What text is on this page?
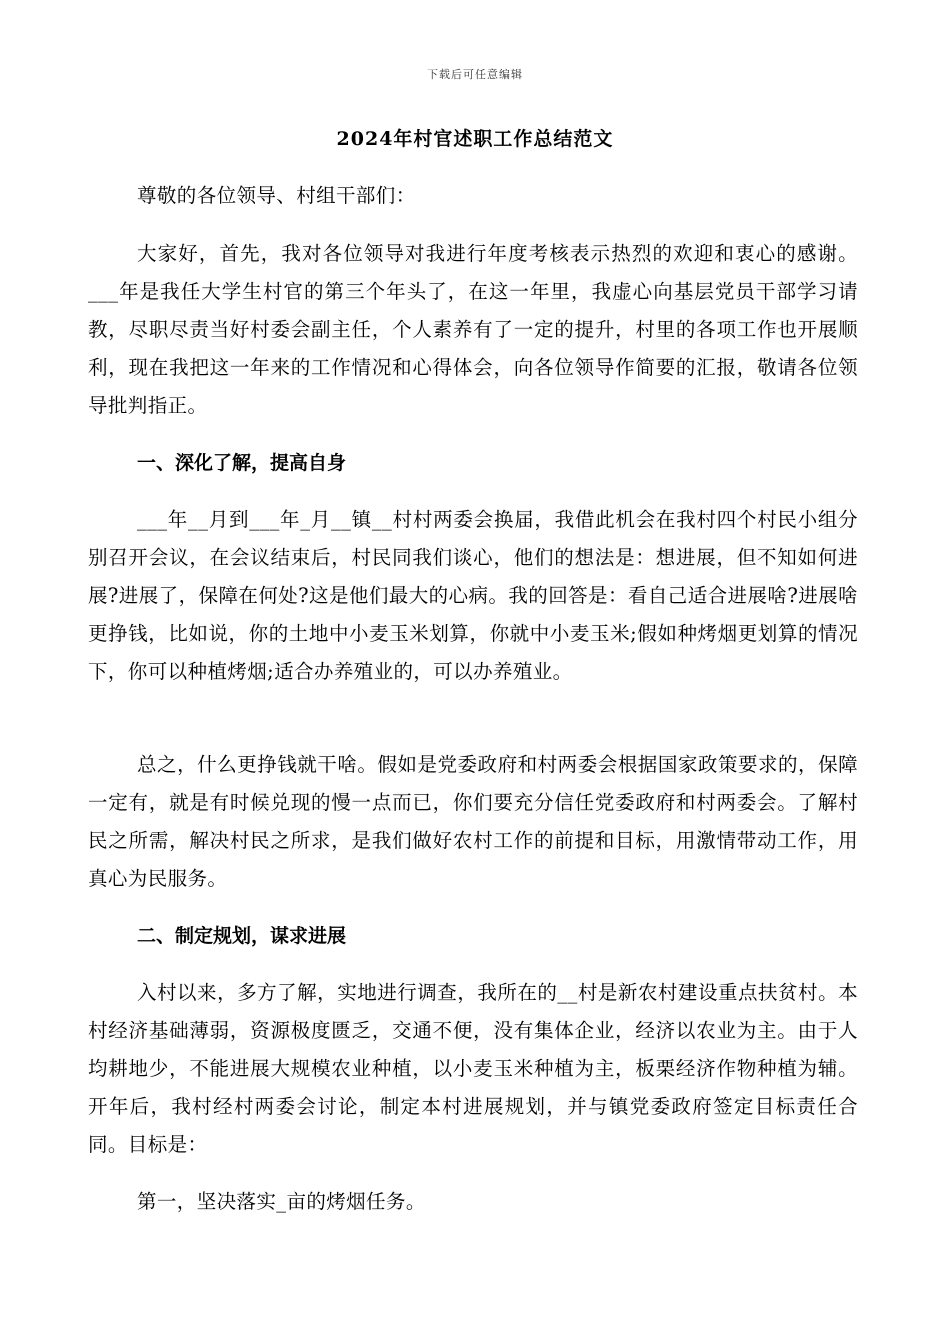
下载后可任意编辑
2024年村官述职工作总结范文
尊敬的各位领导、村组干部们：
大家好，首先，我对各位领导对我进行年度考核表示热烈的欢迎和衷心的感谢。___年是我任大学生村官的第三个年头了，在这一年里，我虚心向基层党员干部学习请教，尽职尽责当好村委会副主任，个人素养有了一定的提升，村里的各项工作也开展顺利，现在我把这一年来的工作情况和心得体会，向各位领导作简要的汇报，敬请各位领导批判指正。
一、深化了解，提高自身
___年__月到___年_月__镇__村村两委会换届，我借此机会在我村四个村民小组分别召开会议，在会议结束后，村民同我们谈心，他们的想法是：想进展，但不知如何进展?进展了，保障在何处?这是他们最大的心病。我的回答是：看自己适合进展啥?进展啥更挣钱，比如说，你的土地中小麦玉米划算，你就中小麦玉米;假如种烤烟更划算的情况下，你可以种植烤烟;适合办养殖业的，可以办养殖业。
总之，什么更挣钱就干啥。假如是党委政府和村两委会根据国家政策要求的，保障一定有，就是有时候兑现的慢一点而已，你们要充分信任党委政府和村两委会。了解村民之所需，解决村民之所求，是我们做好农村工作的前提和目标，用激情带动工作，用真心为民服务。
二、制定规划，谋求进展
入村以来，多方了解，实地进行调查，我所在的__村是新农村建设重点扶贫村。本村经济基础薄弱，资源极度匮乏，交通不便，没有集体企业，经济以农业为主。由于人均耕地少，不能进展大规模农业种植，以小麦玉米种植为主，板栗经济作物种植为辅。开年后，我村经村两委会讨论，制定本村进展规划，并与镇党委政府签定目标责任合同。目标是：
第一，坚决落实_亩的烤烟任务。
